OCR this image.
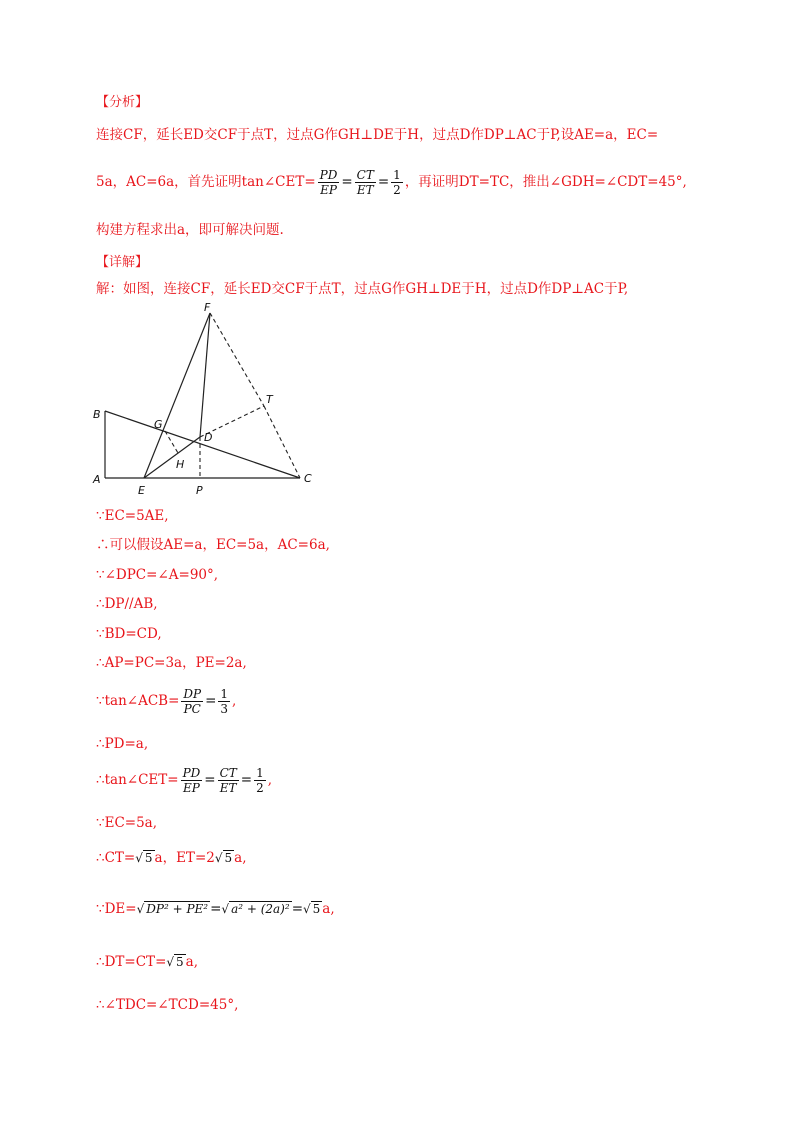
【分析】
连接CF，延长ED交CF于点T，过点G作GH⊥DE于H，过点D作DP⊥AC于P,设AE=a，EC=
5a，AC=6a，首先证明tan∠CET= $\frac{PD}{EP} = \frac{CT}{ET} = \frac{1}{2}$ ，再证明DT=TC，推出∠GDH=∠CDT=45°,
构建方程求出a，即可解决问题.
【详解】
解：如图，连接CF，延长ED交CF于点T，过点G作GH⊥DE于H，过点D作DP⊥AC于P,
B
A
E	P
C
F
T
G
D
H
∵EC=5AE,
∴可以假设AE=a，EC=5a，AC=6a,
∵∠DPC=∠A=90°,
∴DP//AB,
∵BD=CD,
∴AP=PC=3a，PE=2a,
∵tan∠ACB= $\frac{DP}{PC} = \frac{1}{3}$ ,
∴PD=a,
∴tan∠CET= $\frac{PD}{EP} = \frac{CT}{ET} = \frac{1}{2}$ ,
∵EC=5a,
∴CT=√ 5 a，ET=2√ 5 a,
∵DE=√ DP² + PE² =√ a² + (2a)² =√ 5 a,
∴DT=CT=√ 5 a,
∴∠TDC=∠TCD=45°,
